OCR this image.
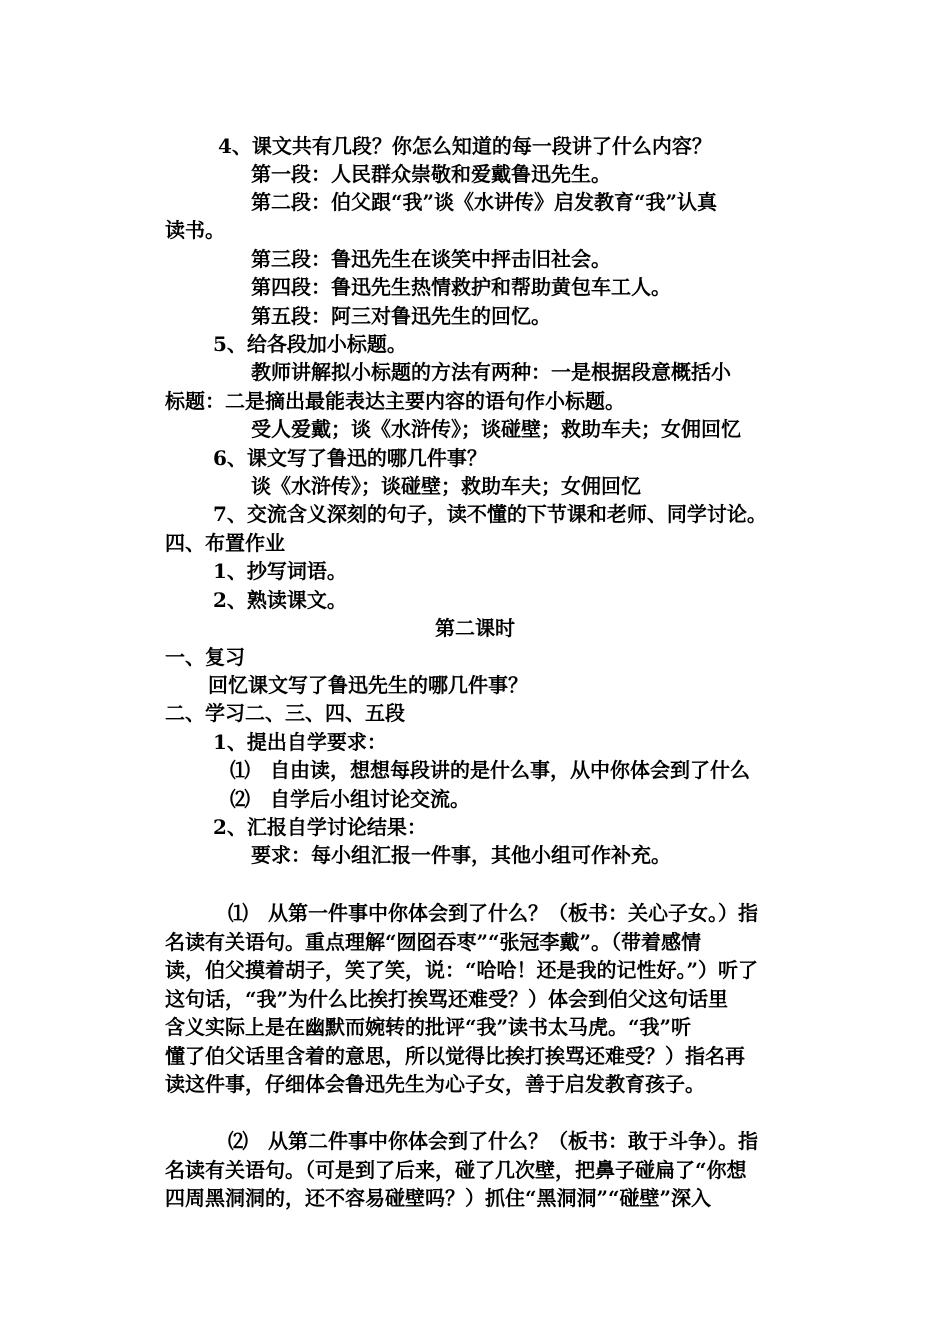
4、课文共有几段？你怎么知道的每一段讲了什么内容？
第一段：人民群众崇敬和爱戴鲁迅先生。
第二段：伯父跟“我”谈《水讲传》启发教育“我”认真
读书。
第三段：鲁迅先生在谈笑中抨击旧社会。
第四段：鲁迅先生热情救护和帮助黄包车工人。
第五段：阿三对鲁迅先生的回忆。
5、给各段加小标题。
教师讲解拟小标题的方法有两种：一是根据段意概括小
标题：二是摘出最能表达主要内容的语句作小标题。
受人爱戴；谈《水浒传》；谈碰壁；救助车夫；女佣回忆
6、课文写了鲁迅的哪几件事？
谈《水浒传》；谈碰壁；救助车夫；女佣回忆
7、交流含义深刻的句子，读不懂的下节课和老师、同学讨论。
四、布置作业
1、抄写词语。
2、熟读课文。
第二课时
一、复习
回忆课文写了鲁迅先生的哪几件事？
二、学习二、三、四、五段
1、提出自学要求：
⑴　自由读，想想每段讲的是什么事，从中你体会到了什么
⑵　自学后小组讨论交流。
2、汇报自学讨论结果：
要求：每小组汇报一件事，其他小组可作补充。
⑴　从第一件事中你体会到了什么？（板书：关心子女。）指
名读有关语句。重点理解“囫囵吞枣”“张冠李戴”。（带着感情
读，伯父摸着胡子，笑了笑，说：“哈哈！还是我的记性好。”）听了
这句话，“我”为什么比挨打挨骂还难受？）体会到伯父这句话里
含义实际上是在幽默而婉转的批评“我”读书太马虎。“我”听
懂了伯父话里含着的意思，所以觉得比挨打挨骂还难受？）指名再
读这件事，仔细体会鲁迅先生为心子女，善于启发教育孩子。
⑵　从第二件事中你体会到了什么？（板书：敢于斗争）。指
名读有关语句。（可是到了后来，碰了几次壁，把鼻子碰扁了“你想
四周黑洞洞的，还不容易碰壁吗？）抓住“黑洞洞”“碰壁”深入
